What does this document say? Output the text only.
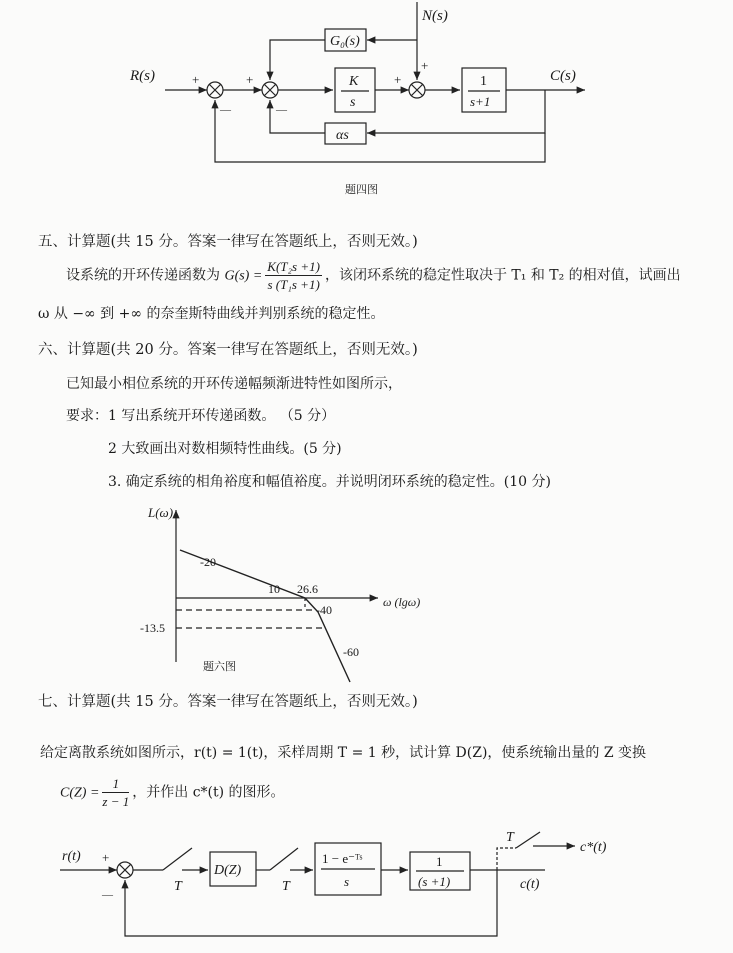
R(s)	+
—
+
—
+
+
N(s)
G₀(s)
K
s
1
s+1
αs
C(s)
题四图
五、计算题(共 15 分。答案一律写在答题纸上，否则无效。)
设系统的开环传递函数为 $G(s) = \frac{\text{K(T₂s +1)}}{\text{s (T₁s +1)}}$ ，该闭环系统的稳定性取决于 T₁ 和 T₂ 的相对值，试画出
ω 从 −∞ 到 +∞ 的奈奎斯特曲线并判别系统的稳定性。
六、计算题(共 20 分。答案一律写在答题纸上，否则无效。)
已知最小相位系统的开环传递幅频渐进特性如图所示，
要求：1 写出系统开环传递函数。 （5 分）
2 大致画出对数相频特性曲线。(5 分)
3. 确定系统的相角裕度和幅值裕度。并说明闭环系统的稳定性。(10 分)
L(ω)
-20
10 26.6
-40
ω (lgω)
-13.5
-60
题六图
七、计算题(共 15 分。答案一律写在答题纸上，否则无效。)
给定离散系统如图所示，r(t) = 1(t)，采样周期 T = 1 秒，试计算 D(Z)，使系统输出量的 Z 变换
$C(Z) = \frac{1}{z - 1}$ ，并作出 c*(t) 的图形。
r(t) +
—
T
D(Z)
T
1 − e⁻ᵀˢ
s
1
(s +1)
T
c*(t)
c(t)
